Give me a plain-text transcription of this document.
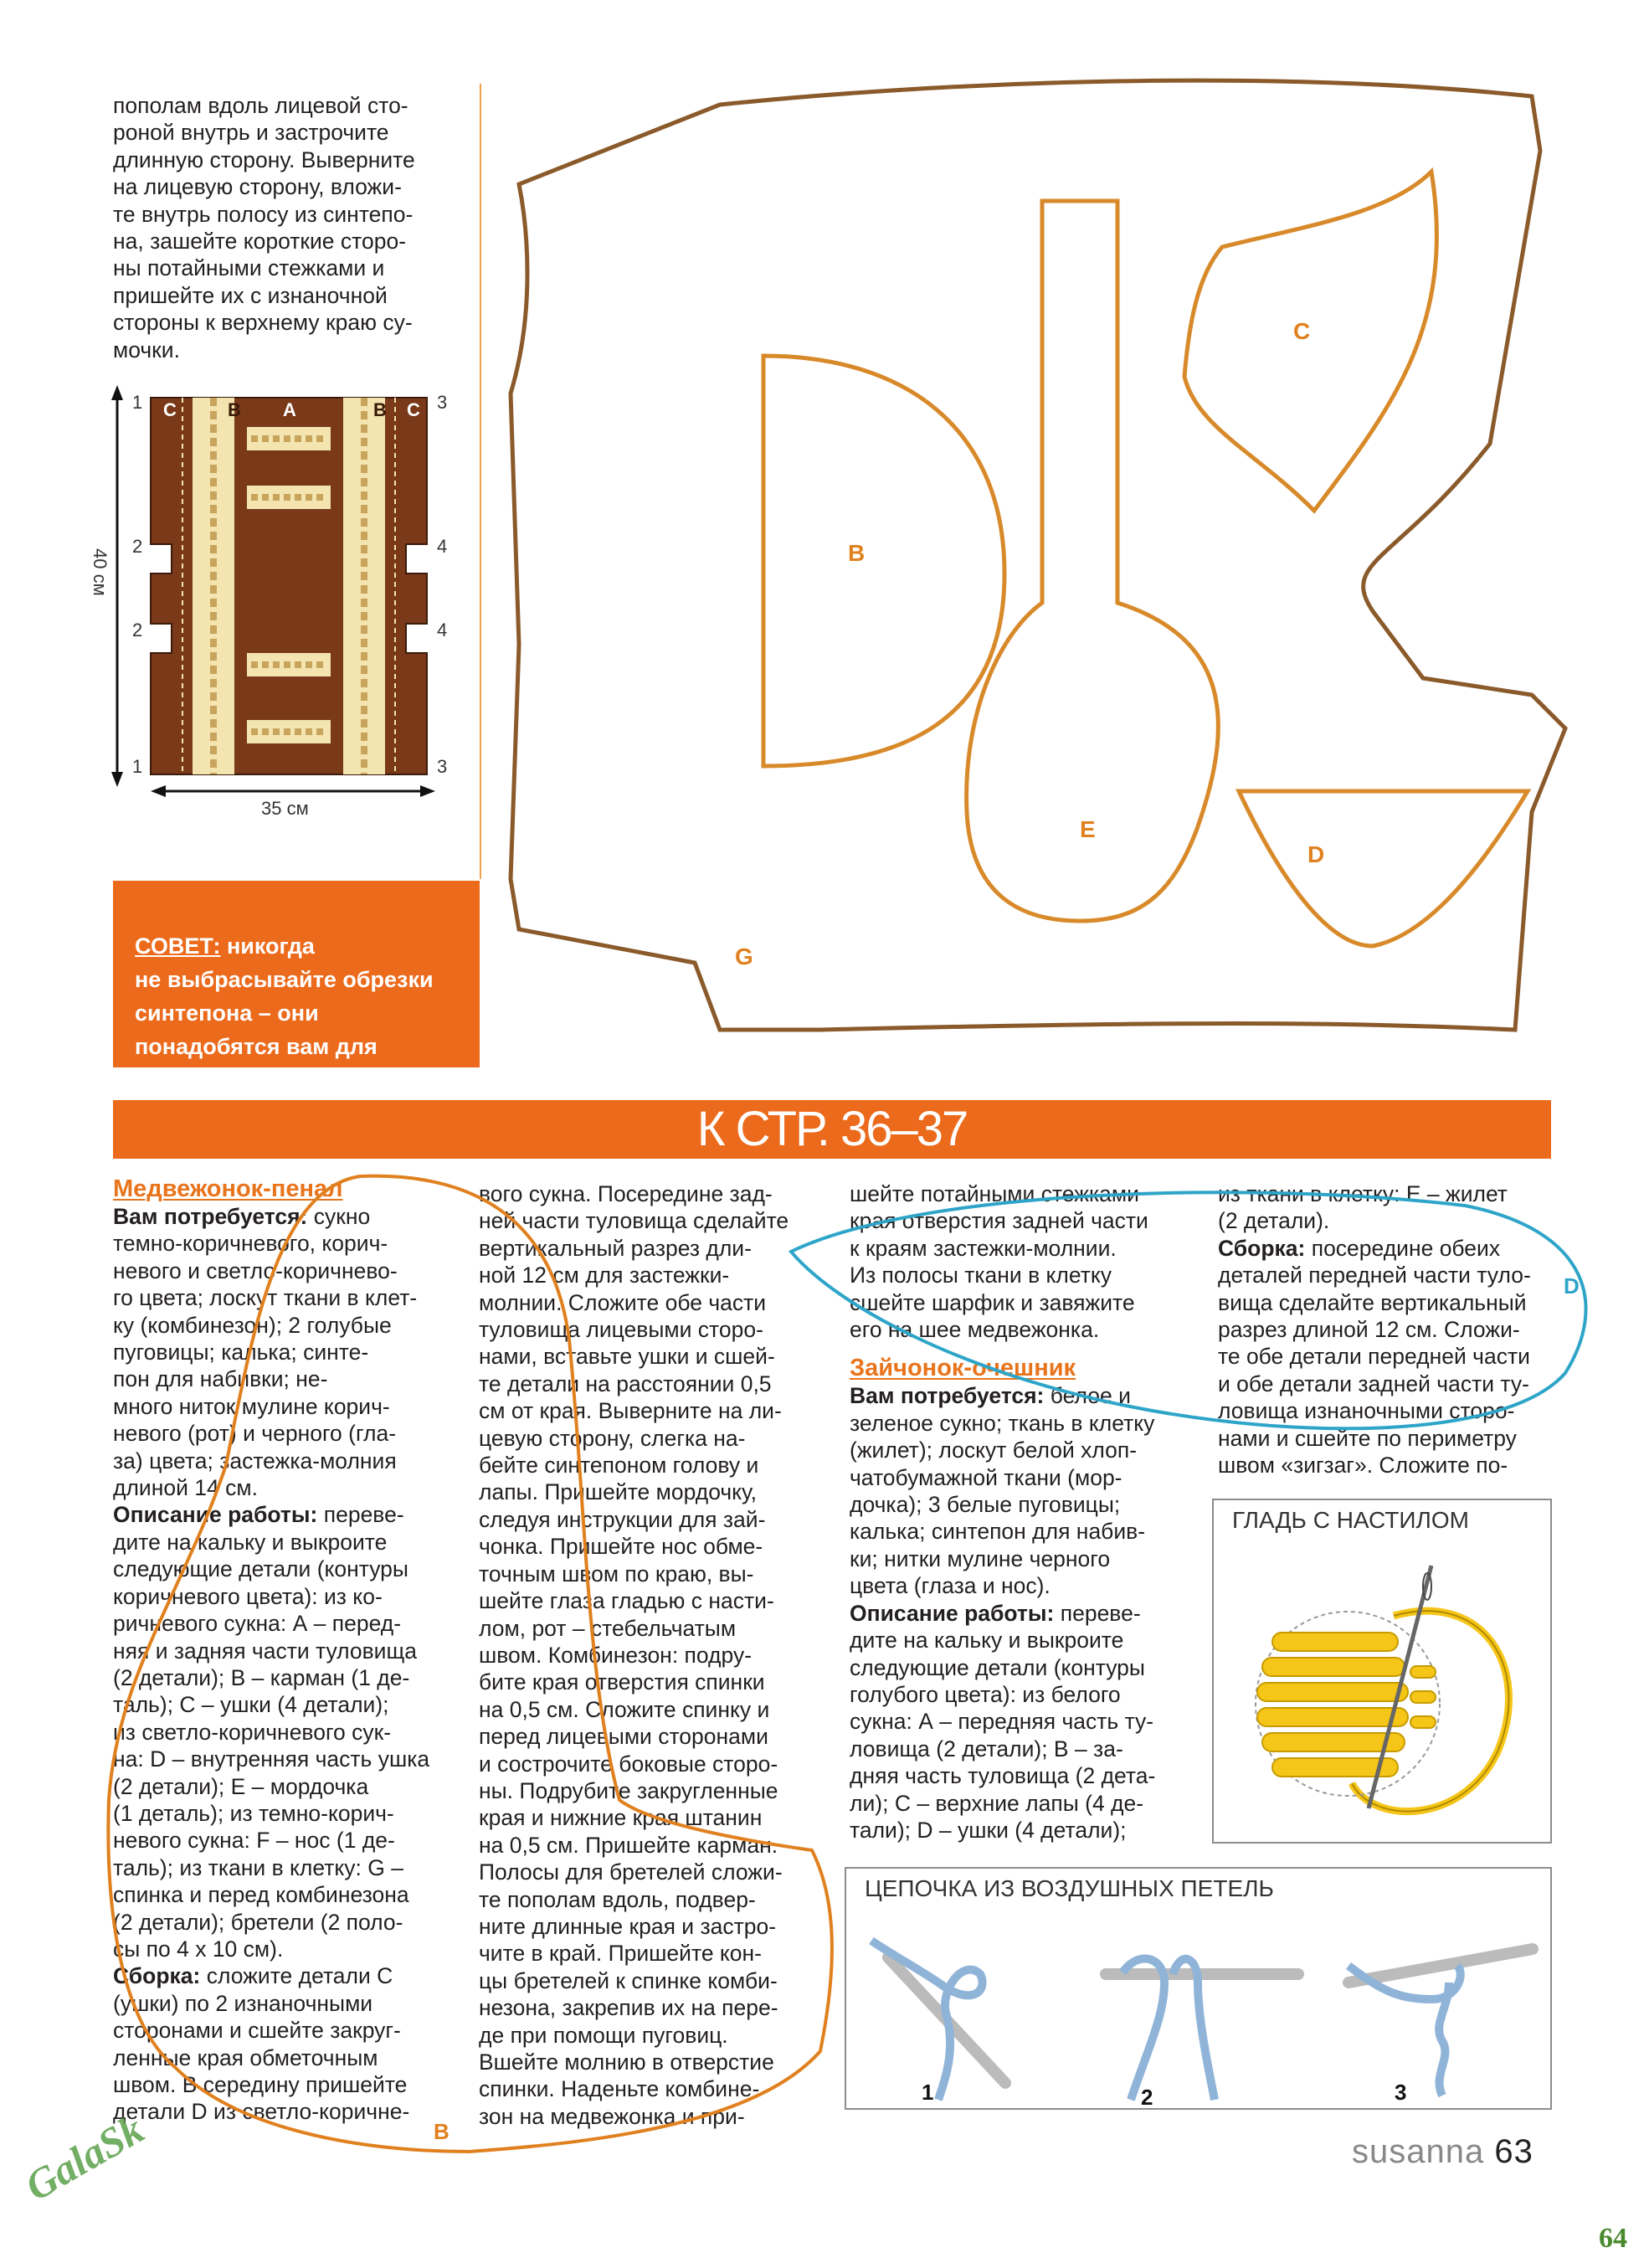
пополам вдоль лицевой сто-
роной внутрь и застрочите
длинную сторону. Выверните
на лицевую сторону, вложи-
те внутрь полосу из синтепо-
на, зашейте короткие сторо-
ны потайными стежками и
пришейте их с изнаночной
стороны к верхнему краю су-
мочки.
C	B A	B C
1
2
2
1
3
4
4
3
40 см
35 см

СОВЕТ: никогда
не выбрасывайте обрезки
синтепона – они
понадобятся вам для
набивки мелких деталей!

B
C
D
E
G
К СТР. 36–37
Медвежонок-пенал
Вам потребуется: сукно
темно-коричневого, корич-
невого и светло-коричнево-
го цвета; лоскут ткани в клет-
ку (комбинезон); 2 голубые
пуговицы; калька; синте-
пон для набивки; не-
много ниток мулине корич-
невого (рот) и черного (гла-
за) цвета; застежка-молния
длиной 14 см.
Описание работы: переве-
дите на кальку и выкроите
следующие детали (контуры
коричневого цвета): из ко-
ричневого сукна: А – перед-
няя и задняя части туловища
(2 детали); В – карман (1 де-
таль); С – ушки (4 детали);
из светло-коричневого сук-
на: D – внутренняя часть ушка
(2 детали); Е – мордочка
(1 деталь); из темно-корич-
невого сукна: F – нос (1 де-
таль); из ткани в клетку: G –
спинка и перед комбинезона
(2 детали); бретели (2 поло-
сы по 4 х 10 см).
Сборка: сложите детали С
(ушки) по 2 изнаночными
сторонами и сшейте закруг-
ленные края обметочным
швом. В середину пришейте
детали D из светло-коричне-
вого сукна. Посередине зад-
ней части туловища сделайте
вертикальный разрез дли-
ной 12 см для застежки-
молнии. Сложите обе части
туловища лицевыми сторо-
нами, вставьте ушки и сшей-
те детали на расстоянии 0,5
см от края. Выверните на ли-
цевую сторону, слегка на-
бейте синтепоном голову и
лапы. Пришейте мордочку,
следуя инструкции для зай-
чонка. Пришейте нос обме-
точным швом по краю, вы-
шейте глаза гладью с насти-
лом, рот – стебельчатым
швом. Комбинезон: подру-
бите края отверстия спинки
на 0,5 см. Сложите спинку и
перед лицевыми сторонами
и сострочите боковые сторо-
ны. Подрубите закругленные
края и нижние края штанин
на 0,5 см. Пришейте карман.
Полосы для бретелей сложи-
те пополам вдоль, подвер-
ните длинные края и застро-
чите в край. Пришейте кон-
цы бретелей к спинке комби-
незона, закрепив их на пере-
де при помощи пуговиц.
Вшейте молнию в отверстие
спинки. Наденьте комбине-
зон на медвежонка и при-
шейте потайными стежками
края отверстия задней части
к краям застежки-молнии.
Из полосы ткани в клетку
сшейте шарфик и завяжите
его на шее медвежонка.
Зайчонок-очешник
Вам потребуется: белое и
зеленое сукно; ткань в клетку
(жилет); лоскут белой хлоп-
чатобумажной ткани (мор-
дочка); 3 белые пуговицы;
калька; синтепон для набив-
ки; нитки мулине черного
цвета (глаза и нос).
Описание работы: переве-
дите на кальку и выкроите
следующие детали (контуры
голубого цвета): из белого
сукна: А – передняя часть ту-
ловища (2 детали); В – за-
дняя часть туловища (2 дета-
ли); С – верхние лапы (4 де-
тали); D – ушки (4 детали);
из ткани в клетку: Е – жилет
(2 детали).
Сборка: посередине обеих
деталей передней части туло-
вища сделайте вертикальный
разрез длиной 12 см. Сложи-
те обе детали передней части
и обе детали задней части ту-
ловища изнаночными сторо-
нами и сшейте по периметру
швом «зигзаг». Сложите по-
B
D
ГЛАДЬ С НАСТИЛОМ
ЦЕПОЧКА ИЗ ВОЗДУШНЫХ ПЕТЕЛЬ
1	2	3
susanna 63
64
GalaSk
